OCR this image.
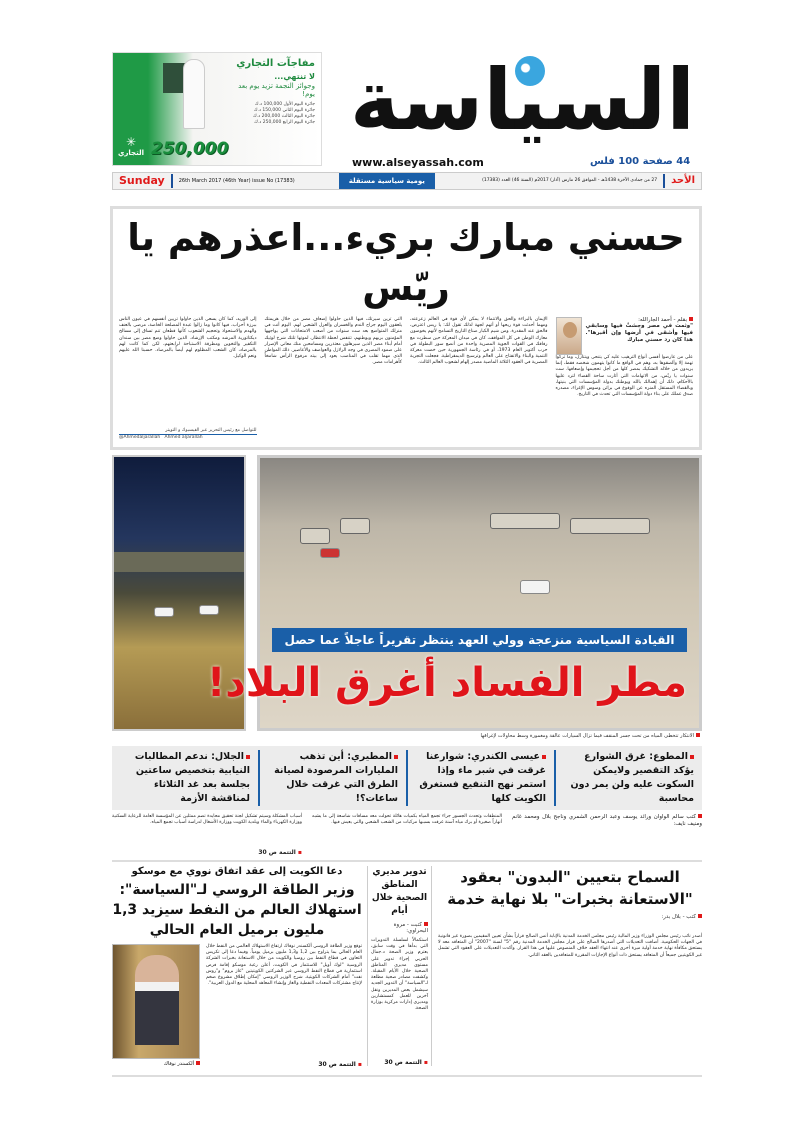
مفاجآت التجاري
لا تنتهي...
وجوائز النجمة تزيد يوم بعد يوم!
جائزة اليوم الأول 100,000 د.ك
جائزة اليوم الثاني 150,000 د.ك
جائزة اليوم الثالث 200,000 د.ك
جائزة اليوم الرابع 250,000 د.ك
250,000
✳
التجاري
السياسة
www.alseyassah.com	44 صفحة 100 فلس
Sunday	26th March 2017 (46th Year) issue No (17383)	يومية سياسية مستقلة	27 من جمادى الآخرة 1438هـ - الموافق 26 مارس (آذار) 2017م (السنة 46) العدد (17383)	الأحد
حسني مبارك بريء...اعذرهم يا ريّس
بقلم - أحمد الجارالله:
"وثمت في مصر وجشتْ فيها وسابقي فيها وأشقى في أرضها وإن أقبرها". هذا كان رد حسني مبارك
على من عارضوا أقسى أنواع الترهيب عليه كي يتنحى ويتنازل، وما تركوا تهمة إلا وألصقوها به، وهم في الواقع ما كانوا يتهمون شخصه فقط، إنما يريدون من خلاله التشكيك بمصر كلها من أجل تحجيمها وإضعافها. ست سنوات يا ريّس، من الاتهامات التي أثارت ساحة القضاء لترد عليها بالأحكام، ذلك أن إهمالك بالله ويوطنك بدولة المؤسسات التي بنيتها، وبالقضاء المستقل المنزه عن الوقوع في براثن وسوس الإغراء، مصدره صدق عملك على بناء دولة المؤسسات التي تحدث في التاريخ.
الإيمان بالبراءة والحق والانتماء لا يمكن لأي قوة في العالم زعزعته، ومهما أحدثت قوة ريحها أو أتهم لجهة لذلك تقول لك: يا ريس اعترض، فالحق عند المقدرة. ومن شيم الكبار صناع التاريخ التسامح لأنهم يخوضون معارك الوطن في كل المواقف، كان في ميدان المعركة حين سطرت مع رفاقك في القوات الجوية المصرية واحدة من أنصع سور البطولة في حرب أكتوبر العام 1973، أو في رئاسة الجمهورية حين خضت معركة التنمية والبناء والانفتاح على العالم وترسيخ الديمقراطية. فجعلت التجربة المصرية في العقود الثلاثة الماضية مصدر إلهام لشعوب العالم الثالث.
التي تزين سيرتك، فيها الذين حاولوا إضعاف مصر من خلال هزيمتك يلعقون اليوم جراح الندم والخسران والعزل الشعبي لهم. اليوم أنت في منزلك المتواضع بعد ست سنوات من أصعب الامتحانات التي يواجهها المؤمنون بربهم ويوطنهم، تتنفس لحظة الانتظار، لموتها تلتك شرخ لوثيك أمام أبناء مصر الذين سيزهلون معتذرين ومسامحين منك معاني الإصرار على صمود المصري في وجه الزلازل والعواصف والأعاصير. ذلك المواطن الذي مهما تقلب في المناصب يعود إلى بيته مرفوع الرأس شامخاً كأهرامات مصر.
إلى الوريد، كما كان يسعى الذين حاولوا تزيين أنفسهم في عيون الناس ببرزة أحزاب، فيها كانوا وما زالوا عبدة المصلحة الخاصة، مرضى بالعنف والهدم والاستحواذ وتحجيم الشعوب كأنها قطعان تنم تساق إلى مسالخ ديكتاتورية المرشد ومكتب الإرشاد. الذين حاولوا وضع مصر بين سندان التكفير والتخوين ومطرقة الاستباحة لرابعتهم، لكن كما كانت لهم بالمرصاد، كان الشعب المظلوم لهم أيضاً بالمرصاد. حسبنا الله عليهم ونعم الوكيل.
للتواصل مع رئيس التحرير عبر الفيسبوك و التويتر
@Ahmedaljarallah Ahmed aljarallah
القيادة السياسية منزعجة وولي العهد ينتظر تقريراً عاجلاً عما حصل
مطر الفساد أغرق البلاد!
الانتكار تتخطى المياه من تحت جسر المنقف فيما تزال السيارات عالقة ومغمورة وسط محاولات لإغراقها
المطوع: غرق الشوارع يؤكد التقصير ولايمكن السكوت عليه ولن يمر دون محاسبة
عيسى الكندري: شوارعنا غرقت في شبر ماء وإذا استمر نهج التنفيع فستغرق الكويت كلها
المطيري: أين تذهب المليارات المرصودة لصيانة الطرق التي غرقت خلال ساعات؟!
الجلال: ندعم المطالبات النيابية بتخصيص ساعتين بجلسة بعد غد الثلاثاء لمناقشة الأزمة
كتب سالم الواوان ورائد يوسف وعبد الرحمن الشمري وناجح بلال ومحمد غانم ومنيف نايف:
المنطقات وتحدث الجسور جراء تجمع المياه بكميات هائلة تحولت معه مسافات شاسعة إلى ما يشبه أنهاراً صغيرة أو برك مياه آسنة غرقت بسببها مركبات من الشعب الشعبي والتي يعيش فيها.
أسباب المشكلة وسيتم تشكيل لجنة تحقيق محايدة تضم ممثلين عن المؤسسة العامة للرعاية السكنية ووزارة الكهرباء والماء وبلدية الكويت ووزارة الأشغال لدراسة أسباب تجمع المياه.
▪ التتمة ص 30
السماح بتعيين "البدون" بعقود "الاستعانة بخبرات" بلا نهاية خدمة
كتب - بلال بدر:
أصدر نائب رئيس مجلس الوزراء وزير المالية رئيس مجلس الخدمة المدنية بالإنابة أنس الصالح قراراً بشأن تعيين المقيمين بصورة غير قانونية في الجهات الحكومية. أضافت التعديلات التي أصدرها الصالح على قرار مجلس الخدمة المدنية رقم "5" لسنة "2007" أن المتعاقد معه لا يستحق مكافأة نهاية خدمة أولية ميزة أخرى عند انتهاء العقد خلاف المنصوص عليها في هذا القرار. وأكدت التعديلات على العقود التي تشمل غير الكويتيين جميعاً أن المتعاقد يستحق ذات أنواع الإجازات المقررة للمتعاقدين بالعقد الثاني.
تدوير مديري المناطق الصحية خلال أيام
كتبت - مروة البحراوي:
استكمالاً لسلسلة التدويرات التي بدأها في وقت سابق، يعتزم وزير الصحة د.جمال الحربي إجراء تدوير على مستوى مديري المناطق الصحية خلال الأيام المقبلة. وكشفت مصادر صحية مطلعة لـ"السياسة" أن التدوير الجديد سيشمل بعض المديرين ونقل آخرين للعمل كمستشارين ومديري إدارات مركزية بوزارة الصحة.
▪ التتمة ص 30
دعا الكويت إلى عقد اتفاق نووي مع موسكو
وزير الطاقة الروسي لـ"السياسة": استهلاك العالم من النفط سيزيد 1,3 مليون برميل العام الحالي
ألكسندر نوفاك
توقع وزير الطاقة الروسي ألكسندر نوفاك ارتفاع الاستهلاك العالمي من النفط خلال العام الحالي بما يتراوح بين 1,2 و1,3 مليون برميل يومياً. وفيما دعا إلى تكريس التعاون في قطاع النفط بين روسيا والكويت من خلال الاستعانة بخبرات الشركة الروسية "لوك أويل" للاستثمار في الكويت، أعلن رغبة موسكو إقامة فرص استثمارية في قطاع النفط الروسي عبر الشركتين الكويتيتين "غاز بروم" و"روس نفت" أمام الشركات الكويتية. شرح الوزير الروسي "إمكان إطلاق مشروع ضخم لإنتاج مشتركات المعدات النفطية والغاز وإنشاء المعاهد المحلية مع الدول العربية".
▪ التتمة ص 30
